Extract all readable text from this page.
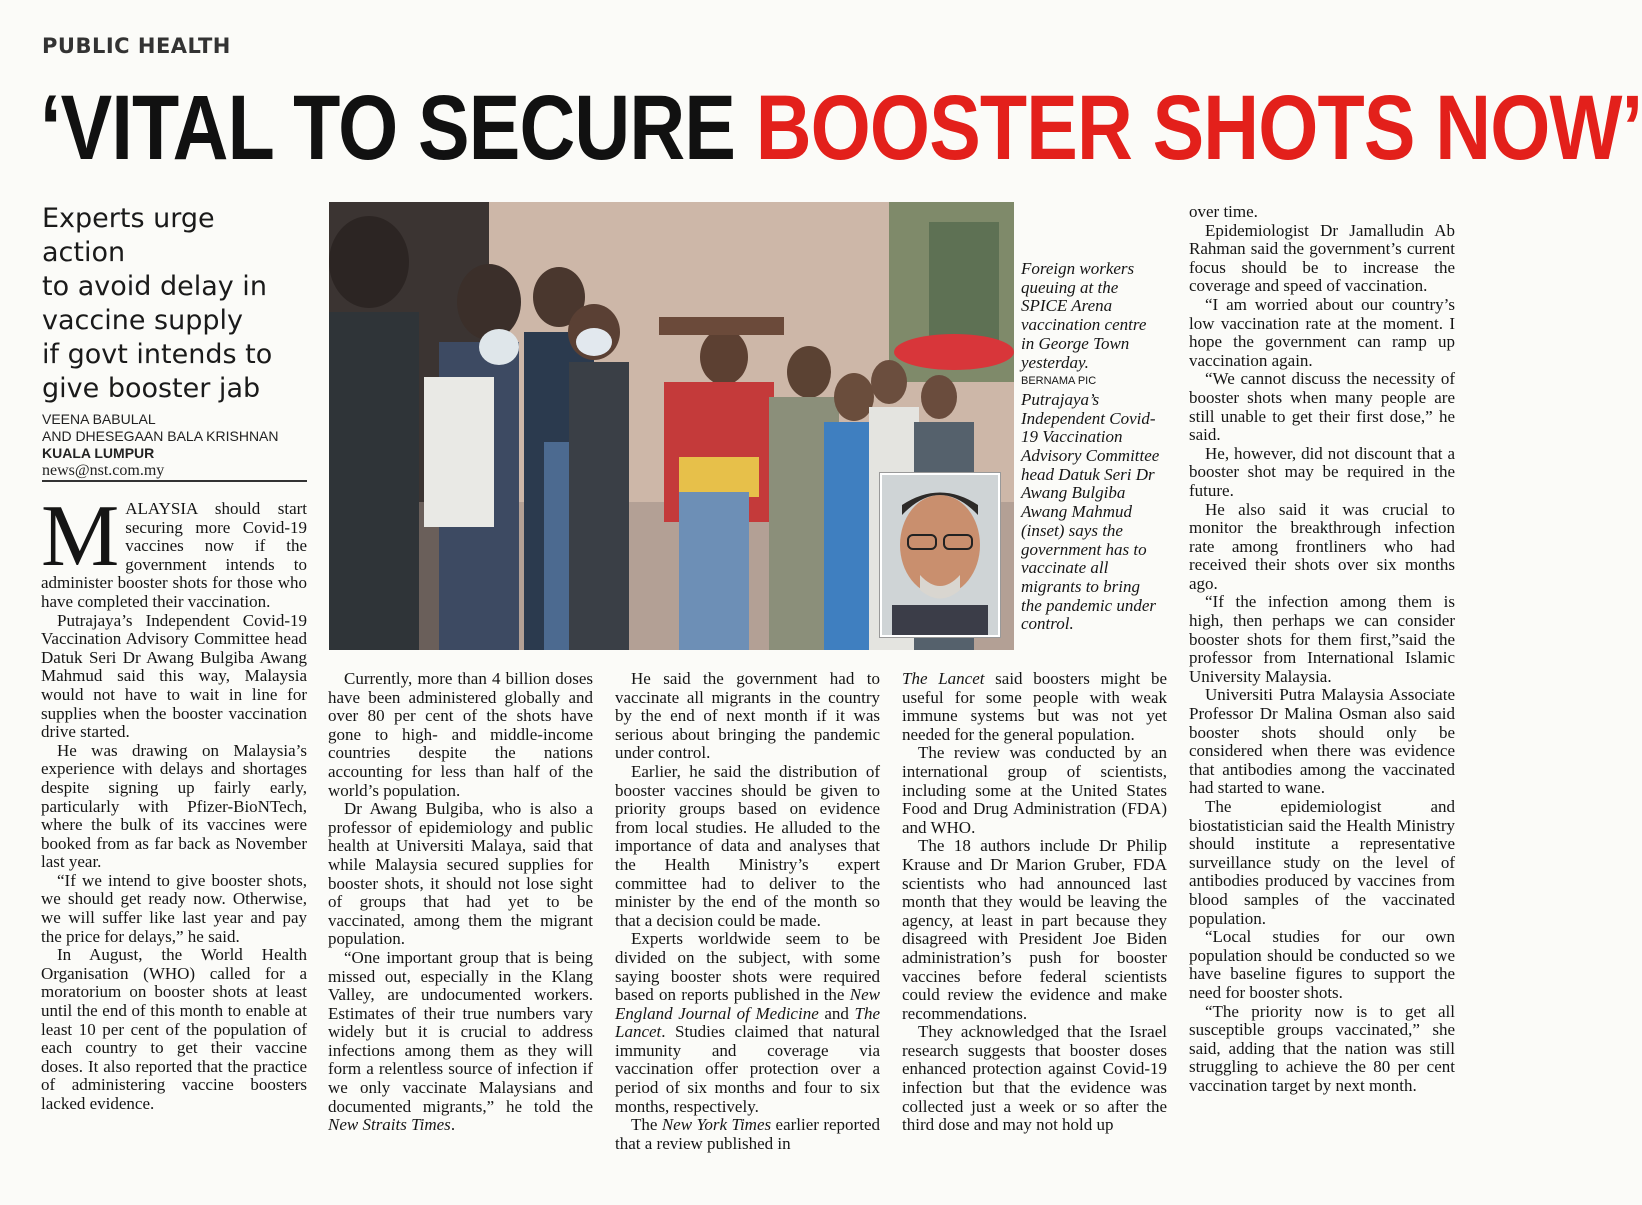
PUBLIC HEALTH
‘VITAL TO SECURE BOOSTER SHOTS NOW’
Experts urge action
to avoid delay in
vaccine supply
if govt intends to
give booster jab
VEENA BABULAL
AND DHESEGAAN BALA KRISHNAN
KUALA LUMPUR
news@nst.com.my

MALAYSIA should start securing more Covid-19 vaccines now if the government intends to administer booster shots for those who have completed their vaccination.

Putrajaya’s Independent Covid-19 Vaccination Advisory Committee head Datuk Seri Dr Awang Bulgiba Awang Mahmud said this way, Malaysia would not have to wait in line for supplies when the booster vaccination drive started.

He was drawing on Malaysia’s experience with delays and shortages despite signing up fairly early, particularly with Pfizer-BioNTech, where the bulk of its vaccines were booked from as far back as November last year.

“If we intend to give booster shots, we should get ready now. Otherwise, we will suffer like last year and pay the price for delays,” he said.

In August, the World Health Organisation (WHO) called for a moratorium on booster shots at least until the end of this month to enable at least 10 per cent of the population of each country to get their vaccine doses. It also reported that the practice of administering vaccine boosters lacked evidence.

Foreign workers queuing at the SPICE Arena vaccination centre in George Town yesterday.
BERNAMA PIC
Putrajaya’s Independent Covid-19 Vaccination Advisory Committee head Datuk Seri Dr Awang Bulgiba Awang Mahmud (inset) says the government has to vaccinate all migrants to bring the pandemic under control.

Currently, more than 4 billion doses have been administered globally and over 80 per cent of the shots have gone to high- and middle-income countries despite the nations accounting for less than half of the world’s population.

Dr Awang Bulgiba, who is also a professor of epidemiology and public health at Universiti Malaya, said that while Malaysia secured supplies for booster shots, it should not lose sight of groups that had yet to be vaccinated, among them the migrant population.

“One important group that is being missed out, especially in the Klang Valley, are undocumented workers. Estimates of their true numbers vary widely but it is crucial to address infections among them as they will form a relentless source of infection if we only vaccinate Malaysians and documented migrants,” he told the New Straits Times.

He said the government had to vaccinate all migrants in the country by the end of next month if it was serious about bringing the pandemic under control.

Earlier, he said the distribution of booster vaccines should be given to priority groups based on evidence from local studies. He alluded to the importance of data and analyses that the Health Ministry’s expert committee had to deliver to the minister by the end of the month so that a decision could be made.

Experts worldwide seem to be divided on the subject, with some saying booster shots were required based on reports published in the New England Journal of Medicine and The Lancet. Studies claimed that natural immunity and coverage via vaccination offer protection over a period of six months and four to six months, respectively.

The New York Times earlier reported that a review published in

The Lancet said boosters might be useful for some people with weak immune systems but was not yet needed for the general population.

The review was conducted by an international group of scientists, including some at the United States Food and Drug Administration (FDA) and WHO.

The 18 authors include Dr Philip Krause and Dr Marion Gruber, FDA scientists who had announced last month that they would be leaving the agency, at least in part because they disagreed with President Joe Biden administration’s push for booster vaccines before federal scientists could review the evidence and make recommendations.

They acknowledged that the Israel research suggests that booster doses enhanced protection against Covid-19 infection but that the evidence was collected just a week or so after the third dose and may not hold up

over time.

Epidemiologist Dr Jamalludin Ab Rahman said the government’s current focus should be to increase the coverage and speed of vaccination.

“I am worried about our country’s low vaccination rate at the moment. I hope the government can ramp up vaccination again.

“We cannot discuss the necessity of booster shots when many people are still unable to get their first dose,” he said.

He, however, did not discount that a booster shot may be required in the future.

He also said it was crucial to monitor the breakthrough infection rate among frontliners who had received their shots over six months ago.

“If the infection among them is high, then perhaps we can consider booster shots for them first,”said the professor from International Islamic University Malaysia.

Universiti Putra Malaysia Associate Professor Dr Malina Osman also said booster shots should only be considered when there was evidence that antibodies among the vaccinated had started to wane.

The epidemiologist and biostatistician said the Health Ministry should institute a representative surveillance study on the level of antibodies produced by vaccines from blood samples of the vaccinated population.

“Local studies for our own population should be conducted so we have baseline figures to support the need for booster shots.

“The priority now is to get all susceptible groups vaccinated,” she said, adding that the nation was still struggling to achieve the 80 per cent vaccination target by next month.
